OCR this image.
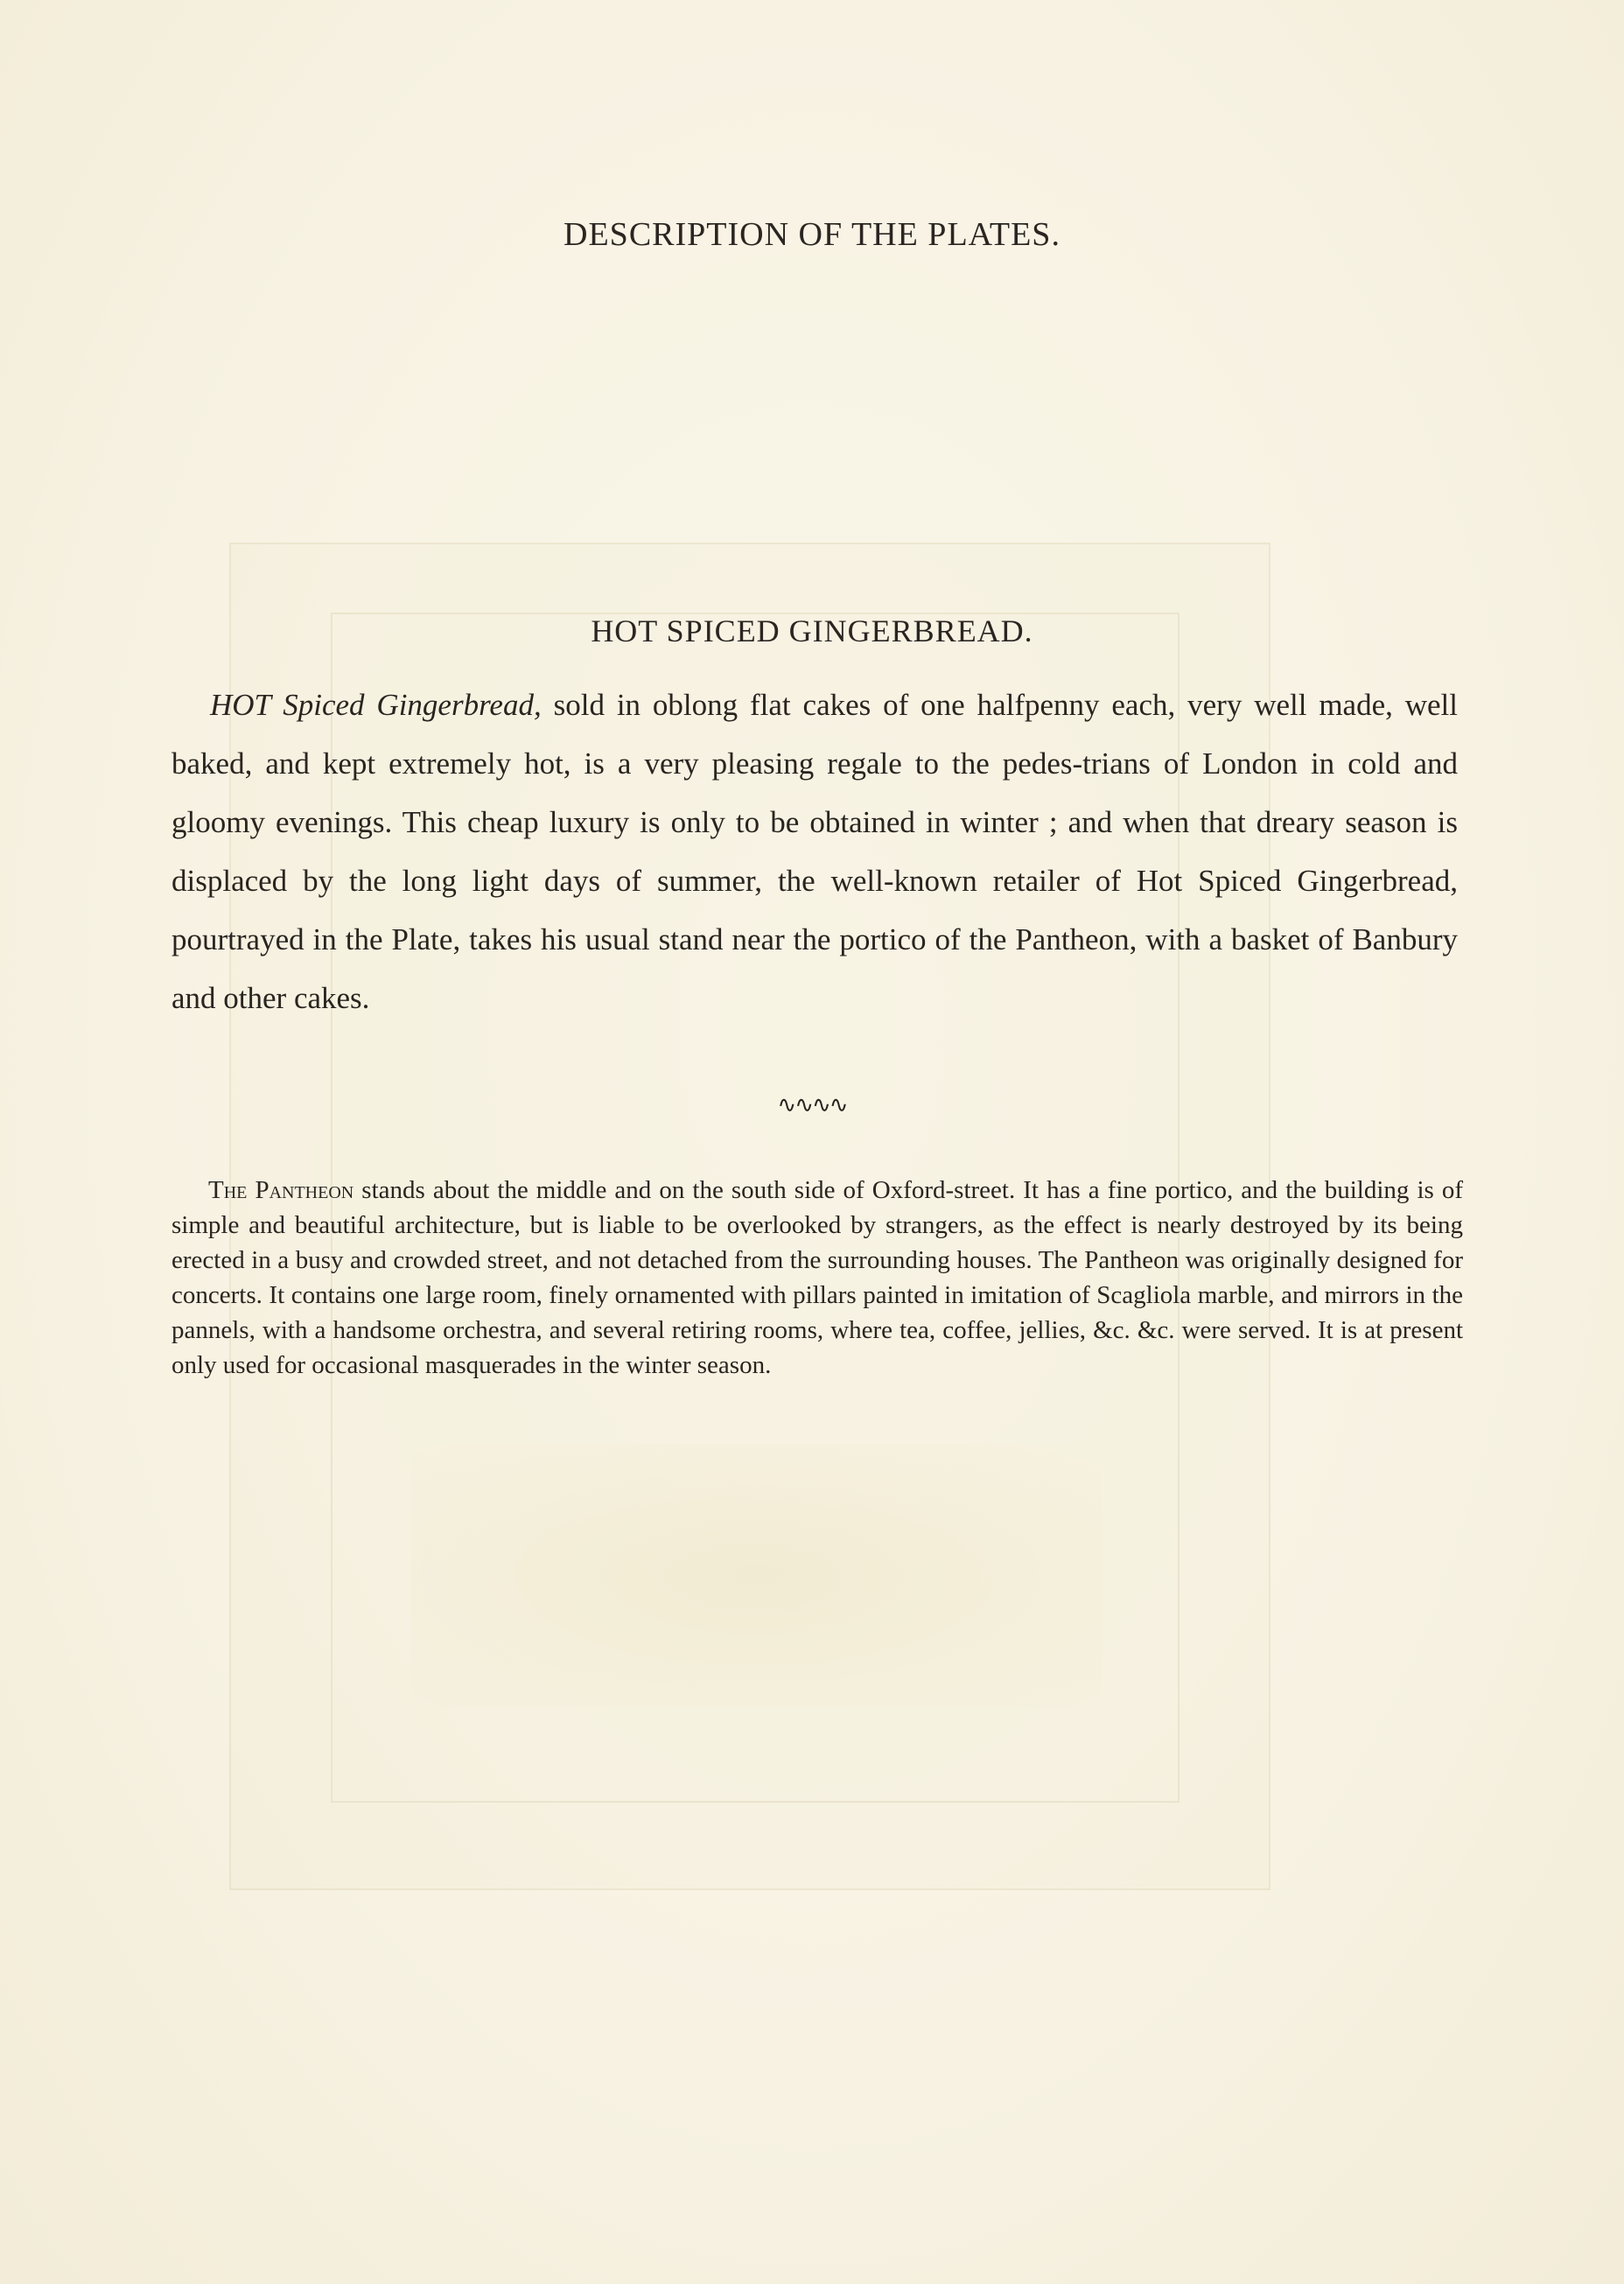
DESCRIPTION OF THE PLATES.
HOT SPICED GINGERBREAD.
HOT Spiced Gingerbread, sold in oblong flat cakes of one halfpenny each, very well made, well baked, and kept extremely hot, is a very pleasing regale to the pedes-trians of London in cold and gloomy evenings. This cheap luxury is only to be obtained in winter ; and when that dreary season is displaced by the long light days of summer, the well-known retailer of Hot Spiced Gingerbread, pourtrayed in the Plate, takes his usual stand near the portico of the Pantheon, with a basket of Banbury and other cakes.
∿∿∿∿
The Pantheon stands about the middle and on the south side of Oxford-street. It has a fine portico, and the building is of simple and beautiful architecture, but is liable to be overlooked by strangers, as the effect is nearly destroyed by its being erected in a busy and crowded street, and not detached from the surrounding houses. The Pantheon was originally designed for concerts. It contains one large room, finely ornamented with pillars painted in imitation of Scagliola marble, and mirrors in the pannels, with a handsome orchestra, and several retiring rooms, where tea, coffee, jellies, &c. &c. were served. It is at present only used for occasional masquerades in the winter season.
